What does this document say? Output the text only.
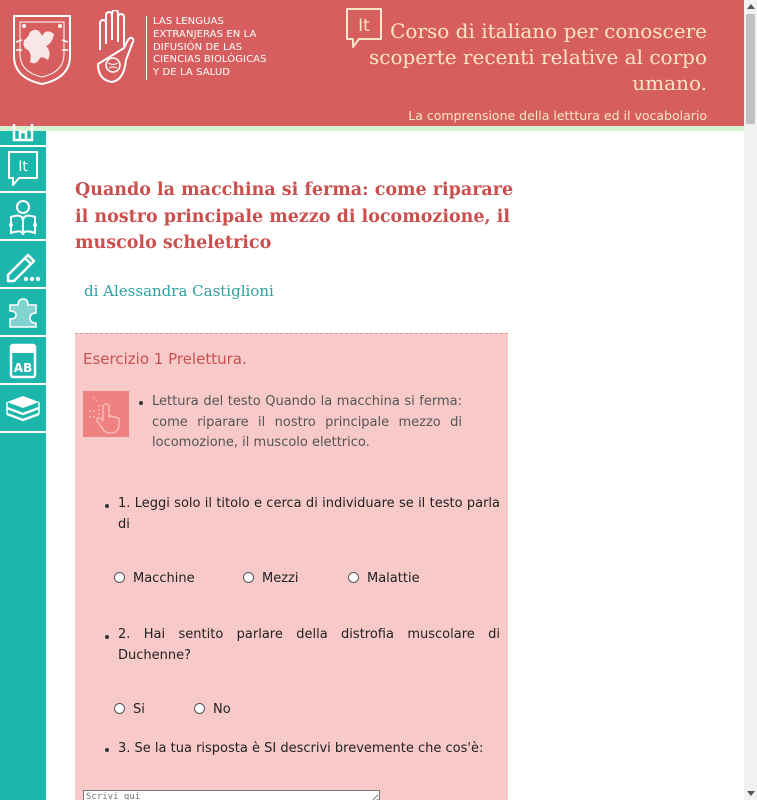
LAS LENGUAS
EXTRANJERAS EN LA
DIFUSIÓN DE LAS
CIENCIAS BIOLÓGICAS
Y DE LA SALUD
It	Corso di italiano per conoscere
scoperte recenti relative al corpo
umano.
La comprensione della letttura ed il vocabolario
It
AB
Quando la macchina si ferma: come riparare il nostro principale mezzo di locomozione, il muscolo scheletrico
di Alessandra Castiglioni
Esercizio 1 Prelettura.
Lettura del testo Quando la macchina si ferma: come riparare il nostro principale mezzo di locomozione, il muscolo elettrico.
1. Leggi solo il titolo e cerca di individuare se il testo parla di
Macchine	Mezzi	Malattie
2. Hai sentito parlare della distrofia muscolare di Duchenne?
Si	No
3. Se la tua risposta è SI descrivi brevemente che cos'è:
Scrivi qui
